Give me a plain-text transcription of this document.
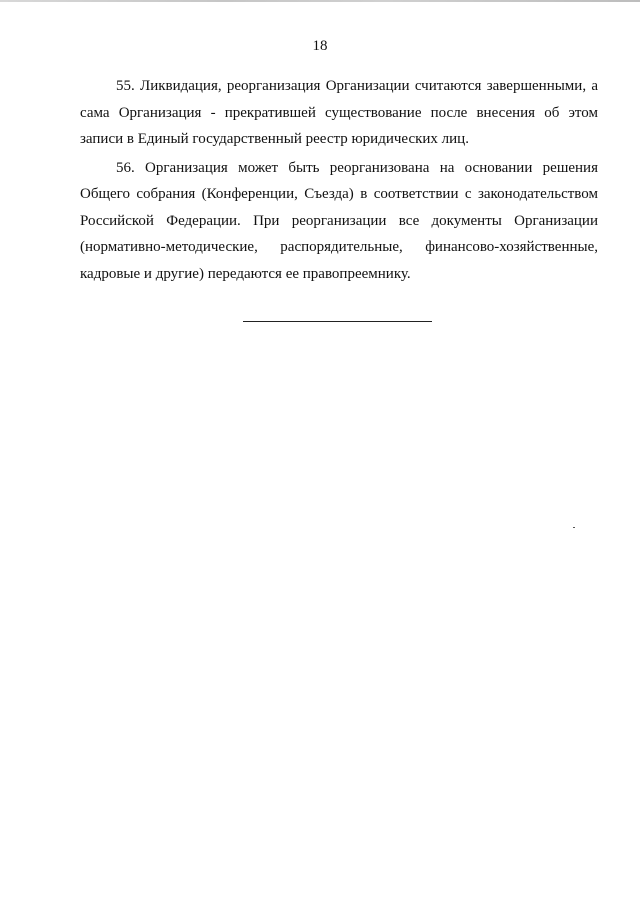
18

55. Ликвидация, реорганизация Организации считаются завершенными, а сама Организация - прекратившей существование после внесения об этом записи в Единый государственный реестр юридических лиц.

56. Организация может быть реорганизована на основании решения Общего собрания (Конференции, Съезда) в соответствии с законодательством Российской Федерации. При реорганизации все документы Организации (нормативно-методические, распорядительные, финансово-хозяйственные, кадровые и другие) передаются ее правопреемнику.
